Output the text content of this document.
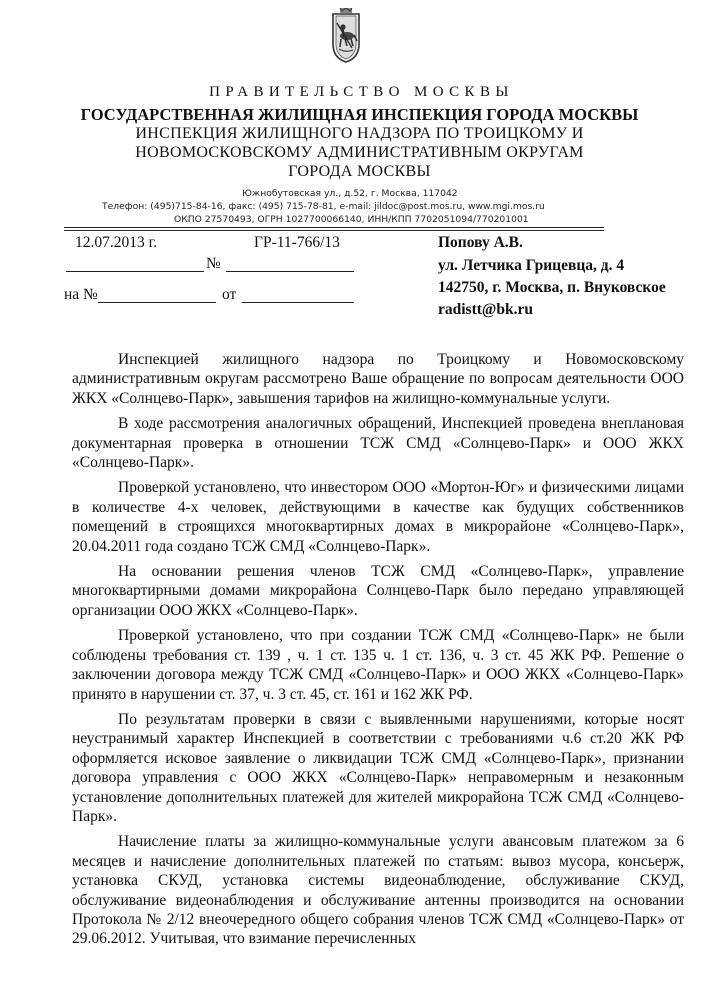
ПРАВИТЕЛЬСТВО МОСКВЫ
ГОСУДАРСТВЕННАЯ ЖИЛИЩНАЯ ИНСПЕКЦИЯ ГОРОДА МОСКВЫ
ИНСПЕКЦИЯ ЖИЛИЩНОГО НАДЗОРА ПО ТРОИЦКОМУ И
НОВОМОСКОВСКОМУ АДМИНИСТРАТИВНЫМ ОКРУГАМ
ГОРОДА МОСКВЫ
Южнобутовская ул., д.52, г. Москва, 117042
Телефон: (495)715-84-16, факс: (495) 715-78-81, e-mail: jildoc@post.mos.ru, www.mgi.mos.ru
ОКПО 27570493, ОГРН 1027700066140, ИНН/КПП 7702051094/770201001
12.07.2013 г.	ГР-11-766/13
№
на №	от
Попову А.В.
ул. Летчика Грицевца, д. 4
142750, г. Москва, п. Внуковское
radistt@bk.ru

Инспекцией жилищного надзора по Троицкому и Новомосковскому административным округам рассмотрено Ваше обращение по вопросам деятельности ООО ЖКХ «Солнцево-Парк», завышения тарифов на жилищно-коммунальные услуги.

В ходе рассмотрения аналогичных обращений, Инспекцией проведена внеплановая документарная проверка в отношении ТСЖ СМД «Солнцево-Парк» и ООО ЖКХ «Солнцево-Парк».

Проверкой установлено, что инвестором ООО «Мортон-Юг» и физическими лицами в количестве 4-х человек, действующими в качестве как будущих собственников помещений в строящихся многоквартирных домах в микрорайоне «Солнцево-Парк», 20.04.2011 года создано ТСЖ СМД «Солнцево-Парк».

На основании решения членов ТСЖ СМД «Солнцево-Парк», управление многоквартирными домами микрорайона Солнцево-Парк было передано управляющей организации ООО ЖКХ «Солнцево-Парк».

Проверкой установлено, что при создании ТСЖ СМД «Солнцево-Парк» не были соблюдены требования ст. 139 , ч. 1 ст. 135 ч. 1 ст. 136, ч. 3 ст. 45 ЖК РФ. Решение о заключении договора между ТСЖ СМД «Солнцево-Парк» и ООО ЖКХ «Солнцево-Парк» принято в нарушении ст. 37, ч. 3 ст. 45, ст. 161 и 162 ЖК РФ.

По результатам проверки в связи с выявленными нарушениями, которые носят неустранимый характер Инспекцией в соответствии с требованиями ч.6 ст.20 ЖК РФ оформляется исковое заявление о ликвидации ТСЖ СМД «Солнцево-Парк», признании договора управления с ООО ЖКХ «Солнцево-Парк» неправомерным и незаконным установление дополнительных платежей для жителей микрорайона ТСЖ СМД «Солнцево-Парк».

Начисление платы за жилищно-коммунальные услуги авансовым платежом за 6 месяцев и начисление дополнительных платежей по статьям: вывоз мусора, консьерж, установка СКУД, установка системы видеонаблюдение, обслуживание СКУД, обслуживание видеонаблюдения и обслуживание антенны производится на основании Протокола № 2/12 внеочередного общего собрания членов ТСЖ СМД «Солнцево-Парк» от 29.06.2012. Учитывая, что взимание перечисленных
